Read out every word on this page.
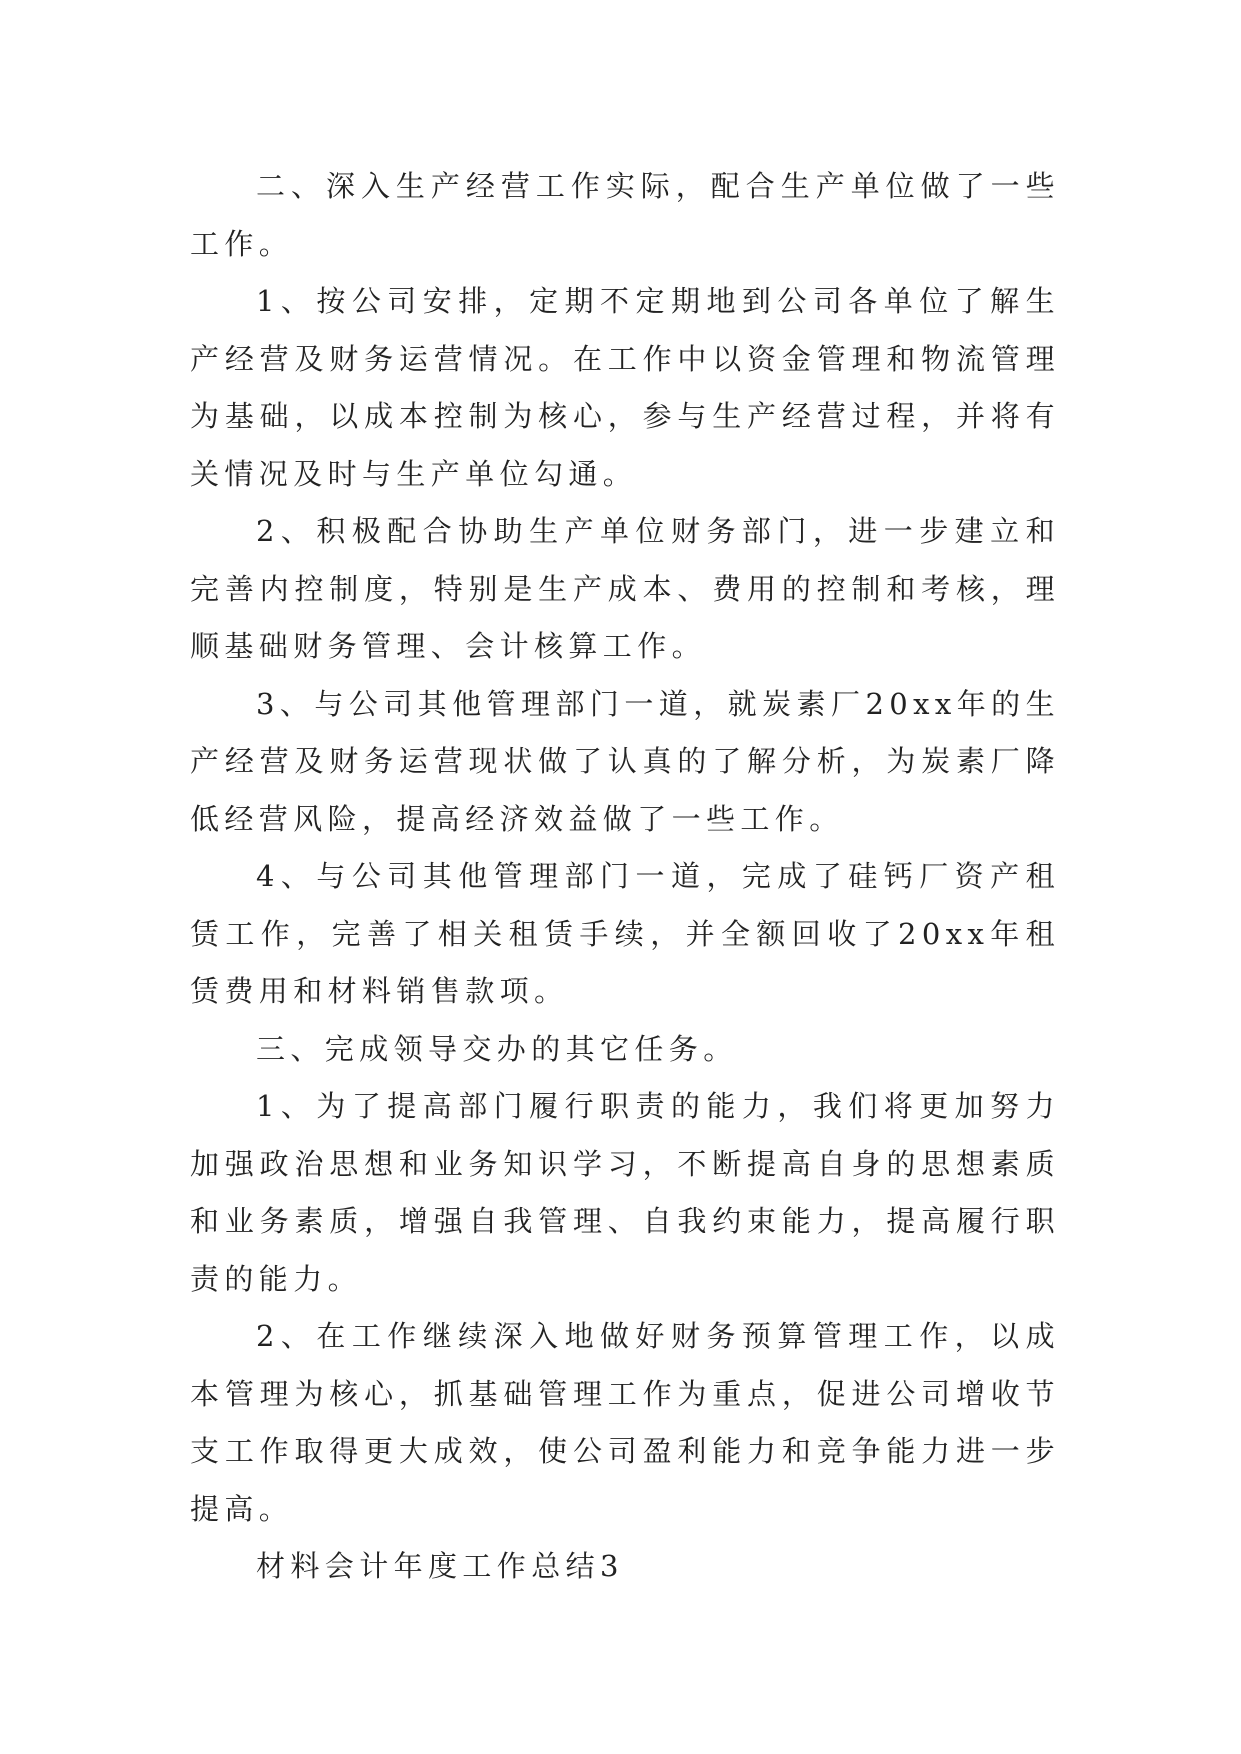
二、深入生产经营工作实际，配合生产单位做了一些工作。

1、按公司安排，定期不定期地到公司各单位了解生产经营及财务运营情况。在工作中以资金管理和物流管理为基础，以成本控制为核心，参与生产经营过程，并将有关情况及时与生产单位勾通。

2、积极配合协助生产单位财务部门，进一步建立和完善内控制度，特别是生产成本、费用的控制和考核，理顺基础财务管理、会计核算工作。

3、与公司其他管理部门一道，就炭素厂20xx年的生产经营及财务运营现状做了认真的了解分析，为炭素厂降低经营风险，提高经济效益做了一些工作。

4、与公司其他管理部门一道，完成了硅钙厂资产租赁工作，完善了相关租赁手续，并全额回收了20xx年租赁费用和材料销售款项。

三、完成领导交办的其它任务。

1、为了提高部门履行职责的能力，我们将更加努力加强政治思想和业务知识学习，不断提高自身的思想素质和业务素质，增强自我管理、自我约束能力，提高履行职责的能力。

2、在工作继续深入地做好财务预算管理工作，以成本管理为核心，抓基础管理工作为重点，促进公司增收节支工作取得更大成效，使公司盈利能力和竞争能力进一步提高。

材料会计年度工作总结3
